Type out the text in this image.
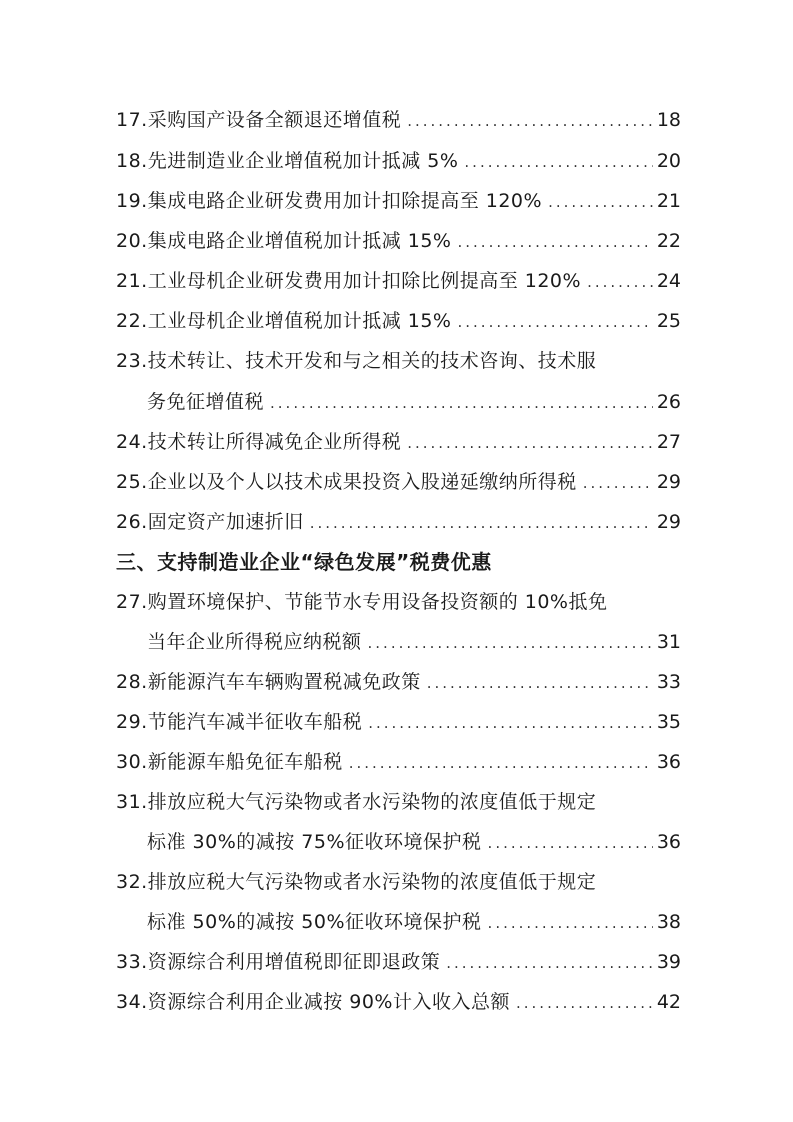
17.采购国产设备全额退还增值税 .....	18
18.先进制造业企业增值税加计抵减 5% .....	20
19.集成电路企业研发费用加计扣除提高至 120% .....	21
20.集成电路企业增值税加计抵减 15% .....	22
21.工业母机企业研发费用加计扣除比例提高至 120% .....	24
22.工业母机企业增值税加计抵减 15% .....	25
23.技术转让、技术开发和与之相关的技术咨询、技术服
务免征增值税 .....	26
24.技术转让所得减免企业所得税 .....	27
25.企业以及个人以技术成果投资入股递延缴纳所得税 .....	29
26.固定资产加速折旧 .....	29
三、支持制造业企业“绿色发展”税费优惠
27.购置环境保护、节能节水专用设备投资额的 10%抵免
当年企业所得税应纳税额 .....	31
28.新能源汽车车辆购置税减免政策 .....	33
29.节能汽车减半征收车船税 .....	35
30.新能源车船免征车船税 .....	36
31.排放应税大气污染物或者水污染物的浓度值低于规定
标准 30%的减按 75%征收环境保护税 .....	36
32.排放应税大气污染物或者水污染物的浓度值低于规定
标准 50%的减按 50%征收环境保护税 .....	38
33.资源综合利用增值税即征即退政策 .....	39
34.资源综合利用企业减按 90%计入收入总额 .....	42
